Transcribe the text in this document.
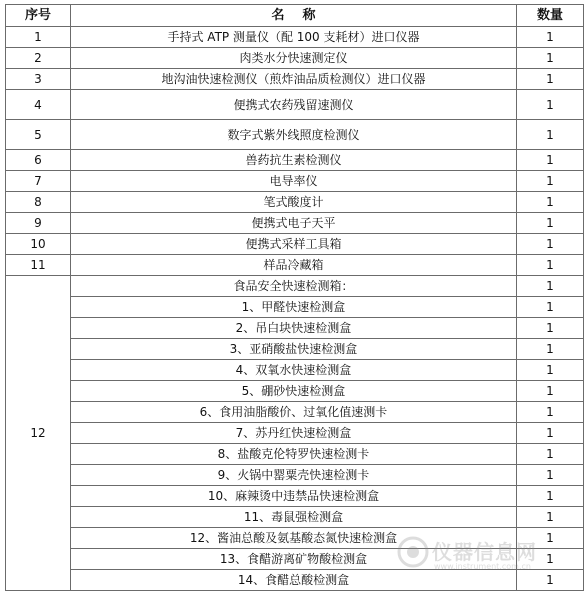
序号	名称	数量
1	手持式 ATP 测量仪（配 100 支耗材）进口仪器	1
2	肉类水分快速测定仪	1
3	地沟油快速检测仪（煎炸油品质检测仪）进口仪器	1
4	便携式农药残留速测仪	1
5	数字式紫外线照度检测仪	1
6	兽药抗生素检测仪	1
7	电导率仪	1
8	笔式酸度计	1
9	便携式电子天平	1
10	便携式采样工具箱	1
11	样品冷藏箱	1
12	食品安全快速检测箱：	1
	1、甲醛快速检测盒	1
	2、吊白块快速检测盒	1
	3、亚硝酸盐快速检测盒	1
	4、双氧水快速检测盒	1
	5、硼砂快速检测盒	1
	6、食用油脂酸价、过氧化值速测卡	1
	7、苏丹红快速检测盒	1
	8、盐酸克伦特罗快速检测卡	1
	9、火锅中罂粟壳快速检测卡	1
	10、麻辣烫中违禁品快速检测盒	1
	11、毒鼠强检测盒	1
	12、酱油总酸及氨基酸态氮快速检测盒	1
	13、食醋游离矿物酸检测盒	1
	14、食醋总酸检测盒	1
仪器信息网
www.instrument.com.cn
